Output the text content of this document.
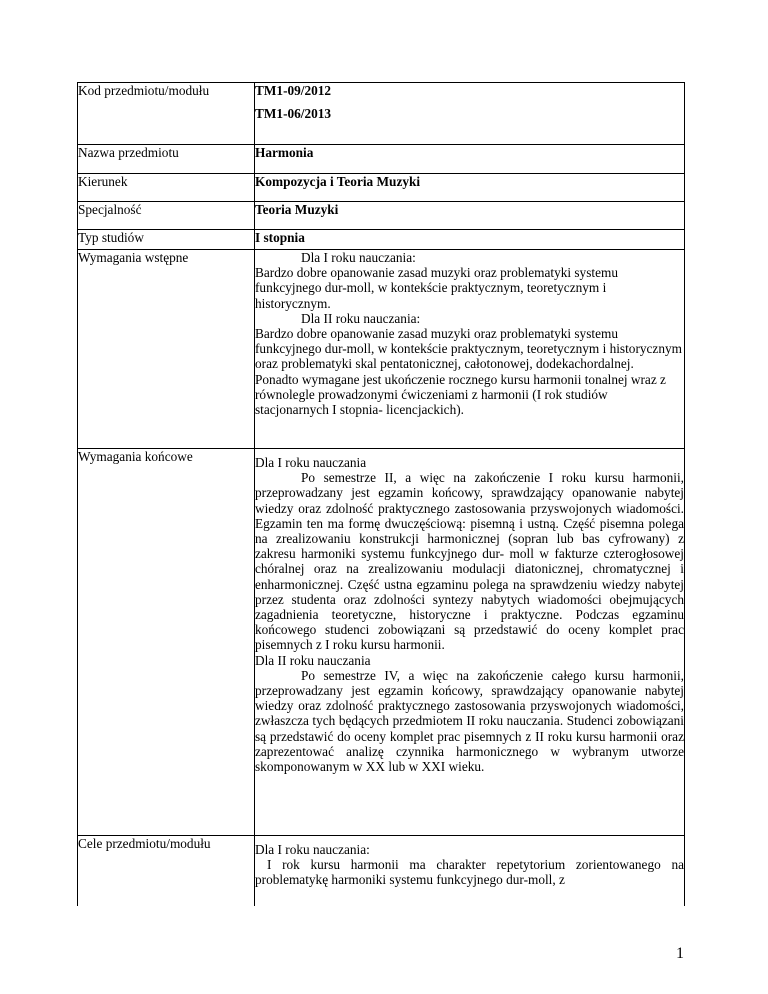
Kod przedmiotu/modułu	TM1-09/2012

TM1-06/2013

Nazwa przedmiotu	Harmonia
Kierunek	Kompozycja i Teoria Muzyki
Specjalność	Teoria Muzyki
Typ studiów	I stopnia
Wymagania wstępne	Dla I roku nauczania:
Bardzo dobre opanowanie zasad muzyki oraz problematyki systemu funkcyjnego dur-moll, w kontekście praktycznym, teoretycznym i historycznym.
Dla II roku nauczania:
Bardzo dobre opanowanie zasad muzyki oraz problematyki systemu funkcyjnego dur-moll, w kontekście praktycznym, teoretycznym i historycznym oraz problematyki skal pentatonicznej, całotonowej, dodekachordalnej.
Ponadto wymagane jest ukończenie rocznego kursu harmonii tonalnej wraz z równolegle prowadzonymi ćwiczeniami z harmonii (I rok studiów stacjonarnych I stopnia- licencjackich).

Wymagania końcowe	Dla I roku nauczania
Po semestrze II, a więc na zakończenie I roku kursu harmonii, przeprowadzany jest egzamin końcowy, sprawdzający opanowanie nabytej wiedzy oraz zdolność praktycznego zastosowania przyswojonych wiadomości. Egzamin ten ma formę dwuczęściową: pisemną i ustną. Część pisemna polega na zrealizowaniu konstrukcji harmonicznej (sopran lub bas cyfrowany) z zakresu harmoniki systemu funkcyjnego dur- moll w fakturze czterogłosowej chóralnej oraz na zrealizowaniu modulacji diatonicznej, chromatycznej i enharmonicznej. Część ustna egzaminu polega na sprawdzeniu wiedzy nabytej przez studenta oraz zdolności syntezy nabytych wiadomości obejmujących zagadnienia teoretyczne, historyczne i praktyczne. Podczas egzaminu końcowego studenci zobowiązani są przedstawić do oceny komplet prac pisemnych z I roku kursu harmonii.
Dla II roku nauczania
Po semestrze IV, a więc na zakończenie całego kursu harmonii, przeprowadzany jest egzamin końcowy, sprawdzający opanowanie nabytej wiedzy oraz zdolność praktycznego zastosowania przyswojonych wiadomości, zwłaszcza tych będących przedmiotem II roku nauczania. Studenci zobowiązani są przedstawić do oceny komplet prac pisemnych z II roku kursu harmonii oraz zaprezentować analizę czynnika harmonicznego w wybranym utworze skomponowanym w XX lub w XXI wieku.

Cele przedmiotu/modułu	Dla I roku nauczania:
I rok kursu harmonii ma charakter repetytorium zorientowanego na problematykę harmoniki systemu funkcyjnego dur-moll, z
1
